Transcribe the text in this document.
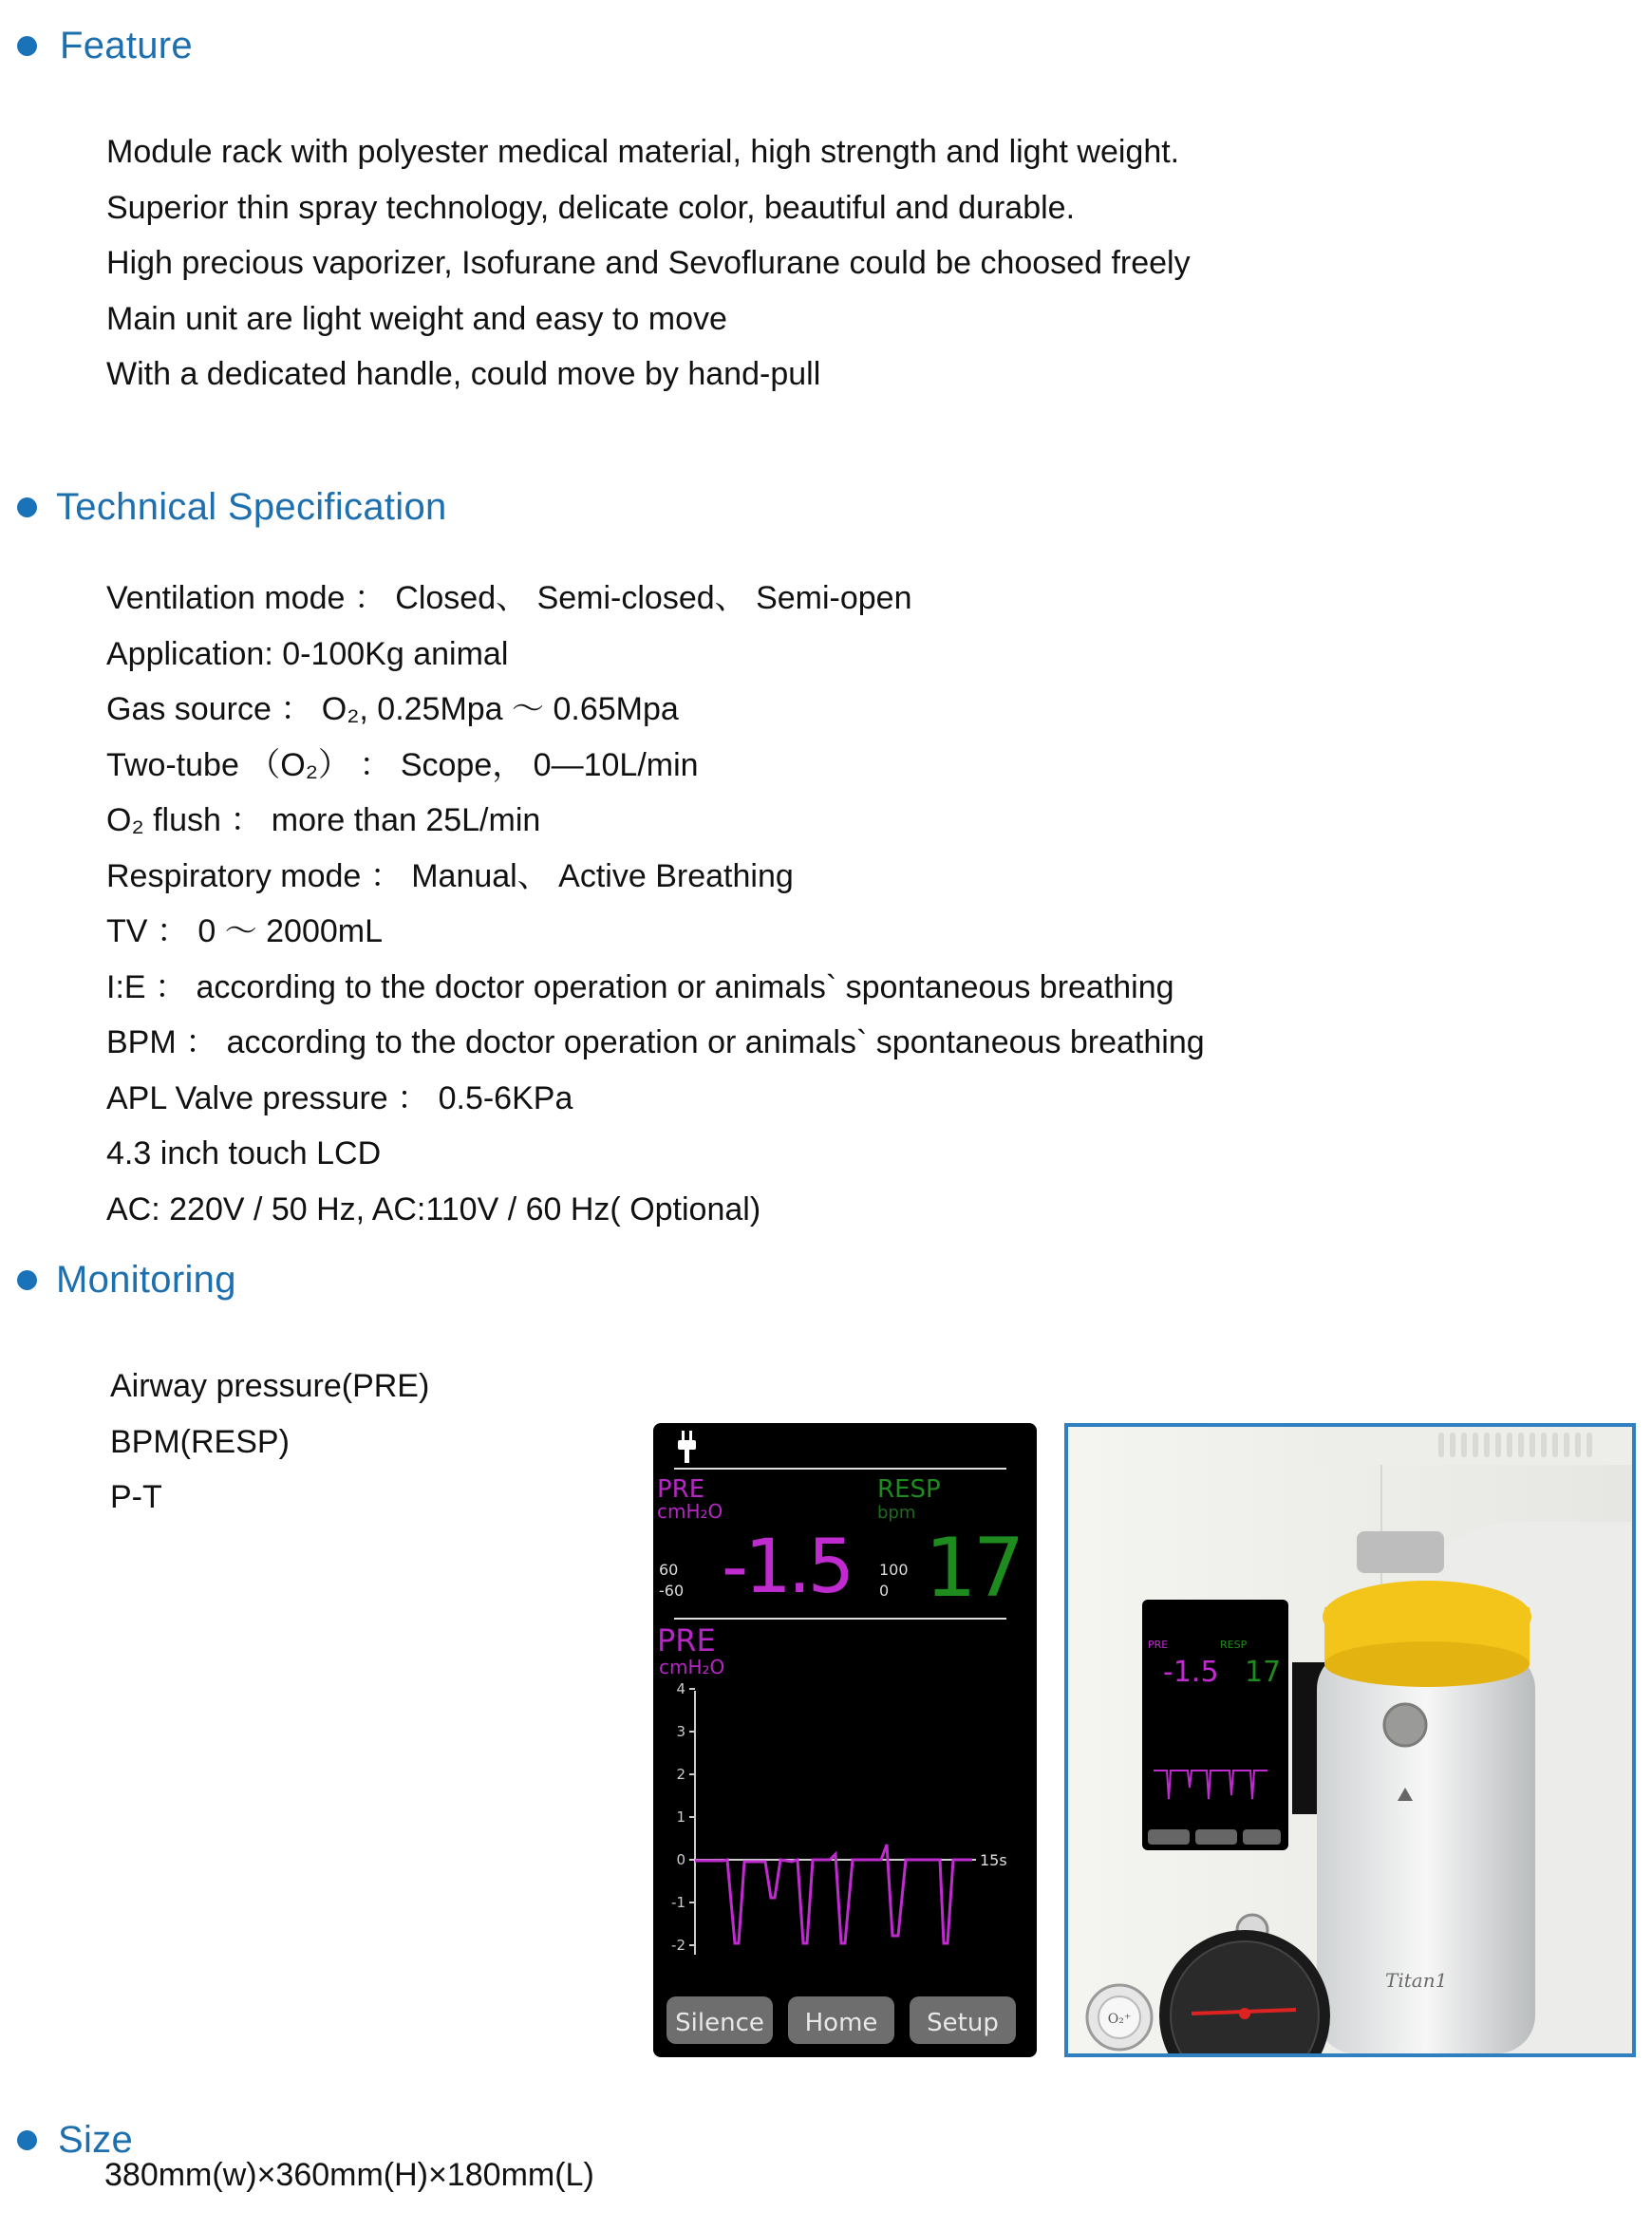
Feature
Module rack with polyester medical material, high strength and light weight.
Superior thin spray technology, delicate color, beautiful and durable.
High precious vaporizer, Isofurane and Sevoflurane could be choosed freely
Main unit are light weight and easy to move
With a dedicated handle, could move by hand-pull
Technical Specification
Ventilation mode ： Closed、 Semi-closed、 Semi-open
Application: 0-100Kg animal
Gas source ： O₂, 0.25Mpa ～ 0.65Mpa
Two-tube （O₂） ： Scope， 0—10L/min
O₂ flush ： more than 25L/min
Respiratory mode ： Manual、 Active Breathing
TV ： 0 ～ 2000mL
I:E ： according to the doctor operation or animals` spontaneous breathing
BPM ： according to the doctor operation or animals` spontaneous breathing
APL Valve pressure ： 0.5-6KPa
4.3 inch touch LCD
AC: 220V / 50 Hz, AC:110V / 60 Hz( Optional)
Monitoring
Airway pressure(PRE)
BPM(RESP)
P-T	PRE
cmH₂O
RESP
bpm
60
-60 -1.5 100
0 17
PRE
cmH₂O
4
3
2
1
0
-1
-2
15s
Silence Home Setup
PRE	RESP
-1.5 17
Titan1
O₂⁺
Size
380mm(w)×360mm(H)×180mm(L)
